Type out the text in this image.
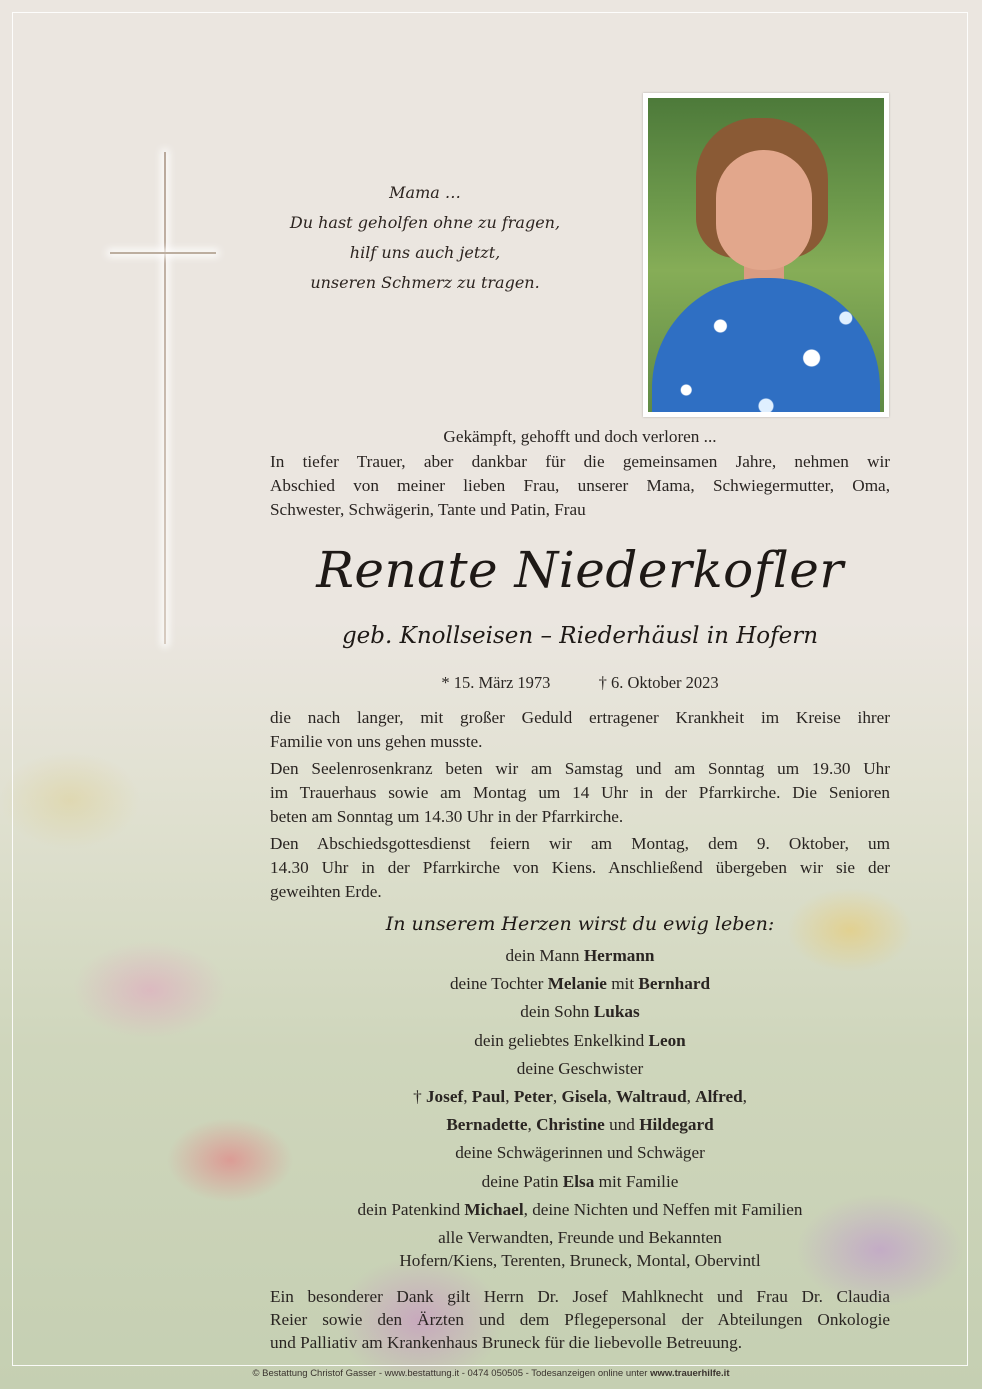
Mama …
Du hast geholfen ohne zu fragen,
hilf uns auch jetzt,
unseren Schmerz zu tragen.
Gekämpft, gehofft und doch verloren ...
In tiefer Trauer, aber dankbar für die gemeinsamen Jahre, nehmen wir
Abschied von meiner lieben Frau, unserer Mama, Schwiegermutter, Oma,
Schwester, Schwägerin, Tante und Patin, Frau
Renate Niederkofler
geb. Knollseisen – Riederhäusl in Hofern
* 15. März 1973	† 6. Oktober 2023

die nach langer, mit großer Geduld ertragener Krankheit im Kreise ihrer
Familie von uns gehen musste.

Den Seelenrosenkranz beten wir am Samstag und am Sonntag um 19.30 Uhr
im Trauerhaus sowie am Montag um 14 Uhr in der Pfarrkirche. Die Senioren
beten am Sonntag um 14.30 Uhr in der Pfarrkirche.

Den Abschiedsgottesdienst feiern wir am Montag, dem 9. Oktober, um
14.30 Uhr in der Pfarrkirche von Kiens. Anschließend übergeben wir sie der
geweihten Erde.

In unserem Herzen wirst du ewig leben:
dein Mann Hermann
deine Tochter Melanie mit Bernhard
dein Sohn Lukas
dein geliebtes Enkelkind Leon
deine Geschwister
† Josef, Paul, Peter, Gisela, Waltraud, Alfred,
Bernadette, Christine und Hildegard
deine Schwägerinnen und Schwäger
deine Patin Elsa mit Familie
dein Patenkind Michael, deine Nichten und Neffen mit Familien
alle Verwandten, Freunde und Bekannten
Hofern/Kiens, Terenten, Bruneck, Montal, Obervintl
Ein besonderer Dank gilt Herrn Dr. Josef Mahlknecht und Frau Dr. Claudia
Reier sowie den Ärzten und dem Pflegepersonal der Abteilungen Onkologie
und Palliativ am Krankenhaus Bruneck für die liebevolle Betreuung.
© Bestattung Christof Gasser - www.bestattung.it - 0474 050505 - Todesanzeigen online unter www.trauerhilfe.it
